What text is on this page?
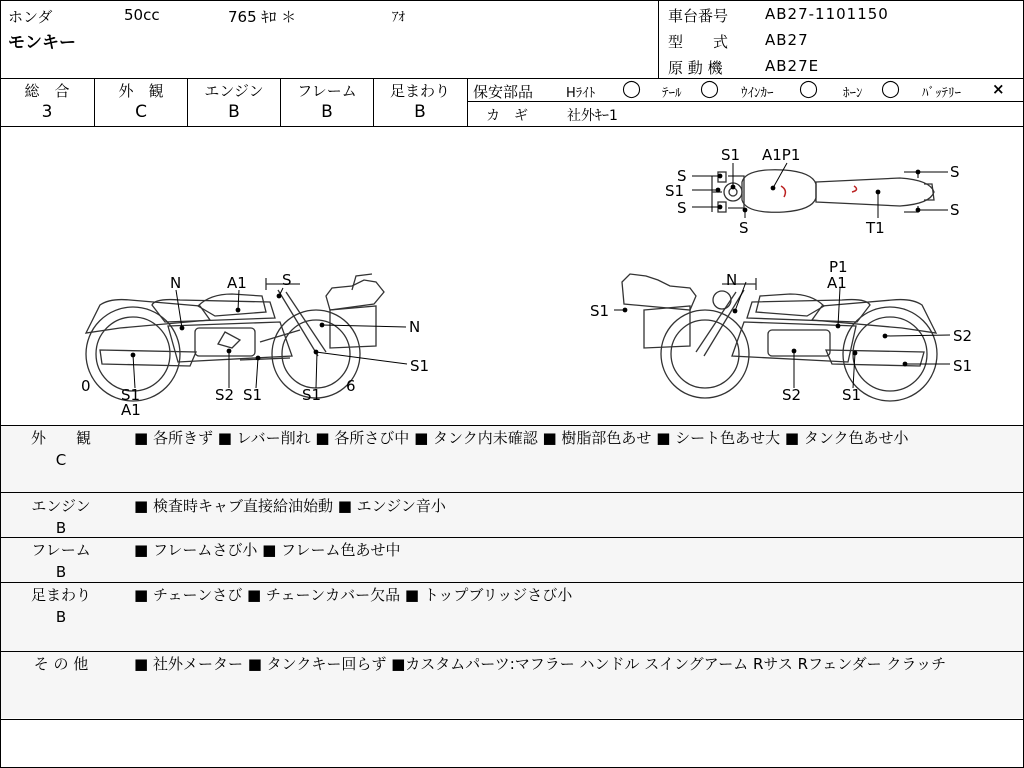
ホンダ	50cc	765 ｷﾛ ＊	ｱｵ
モンキー
車台番号 AB27-1101150
型　　式 AB27
原 動 機	AB27E
総　合
3
外　観
C
エンジン
B
フレーム
B
足まわり
B
保安部品	Hﾗｲﾄ ◯ ﾃｰﾙ ◯ ｳｲﾝｶｰ ◯ ﾎｰﾝ ◯ ﾊﾞｯﾃﾘｰ ×
カ　ギ	社外ｷｰ1
N	A1 S
N
S1
6
0 S1
A1
S2 S1	S1
N
P1
A1
S1
S2
S1
S2	S1
S1 A1P1
S
S1
S
S
S
S
T1
外　　観
C
■ 各所きず ■ レバー削れ ■ 各所さび中 ■ タンク内未確認 ■ 樹脂部色あせ ■ シート色あせ大 ■ タンク色あせ小
エンジン
B
■ 検査時キャブ直接給油始動 ■ エンジン音小
フレーム
B
■ フレームさび小 ■ フレーム色あせ中
足まわり
B
■ チェーンさび ■ チェーンカバー欠品 ■ トップブリッジさび小
そ の 他	■ 社外メーター ■ タンクキー回らず ■カスタムパーツ:マフラー ハンドル スイングアーム Rサス Rフェンダー クラッチ
